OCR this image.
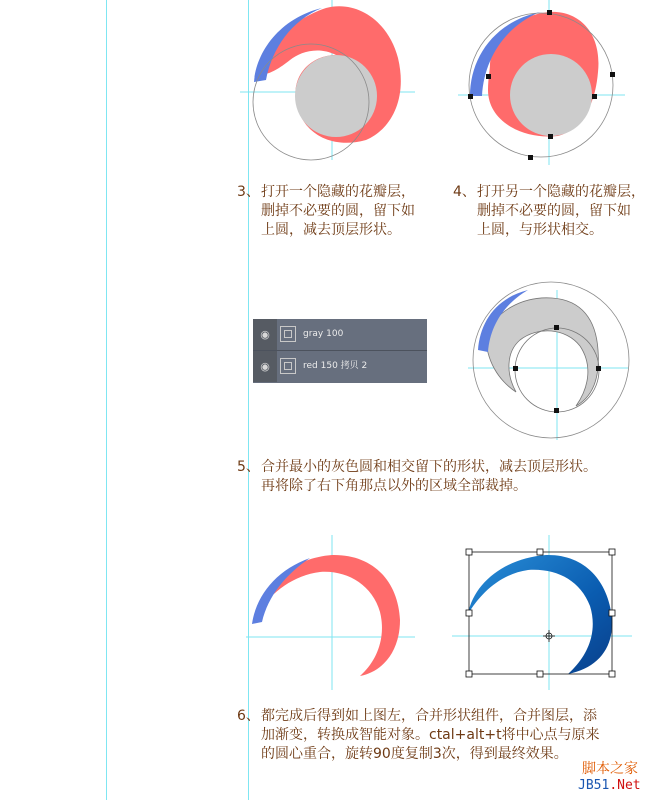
3、 打开一个隐藏的花瓣层，
删掉不必要的圆，留下如
上圆，减去顶层形状。
4、 打开另一个隐藏的花瓣层，
删掉不必要的圆，留下如
上圆，与形状相交。
5、 合并最小的灰色圆和相交留下的形状，减去顶层形状。
再将除了右下角那点以外的区域全部裁掉。
6、 都完成后得到如上图左，合并形状组件，合并图层，添
加渐变，转换成智能对象。ctal+alt+t将中心点与原来
的圆心重合，旋转90度复制3次，得到最终效果。
◉	gray 100
◉	red 150 拷贝 2
脚本之家
JB51.Net
